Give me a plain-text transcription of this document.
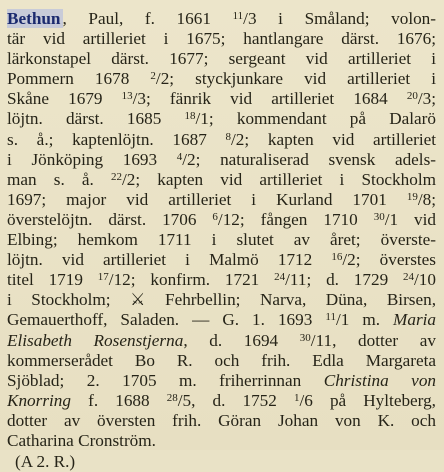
Bethun , Paul, f. 1661 $^{11}$/3 i Småland; volon-
tär vid artilleriet i 1675; hantlangare därst. 1676;
lärkonstapel därst. 1677; sergeant vid artilleriet i
Pommern 1678 $^2$/2; styckjunkare vid artilleriet i
Skåne 1679 $^{13}$/3; fänrik vid artilleriet 1684 $^{20}$/3;
löjtn. därst. 1685 $^{18}$/1; kommendant på Dalarö
s. å.; kaptenlöjtn. 1687 $^8$/2; kapten vid artilleriet
i Jönköping 1693 $^4$/2; naturaliserad svensk adels-
man s. å. $^{22}$/2; kapten vid artilleriet i Stockholm
1697; major vid artilleriet i Kurland 1701 $^{19}$/8;
överstelöjtn. därst. 1706 $^6$/12; fången 1710 $^{30}$/1 vid
Elbing; hemkom 1711 i slutet av året; överste-
löjtn. vid artilleriet i Malmö 1712 $^{16}$/2; överstes
titel 1719 $^{17}$/12; konfirm. 1721 $^{24}$/11; d. 1729 $^{24}$/10
i Stockholm; ⚔ Fehrbellin; Narva, Düna, Birsen,
Gemauerthoff, Saladen. — G. 1. 1693 $^{11}$/1 m. Maria
Elisabeth Rosenstjerna, d. 1694 $^{30}$/11, dotter av
kommerserådet Bo R. och frih. Edla Margareta
Sjöblad; 2. 1705 m. friherrinnan Christina von
Knorring f. 1688 $^{28}$/5, d. 1752 $^1$/6 på Hylteberg,
dotter av översten frih. Göran Johan von K. och
Catharina Cronström.
(A 2. R.)
